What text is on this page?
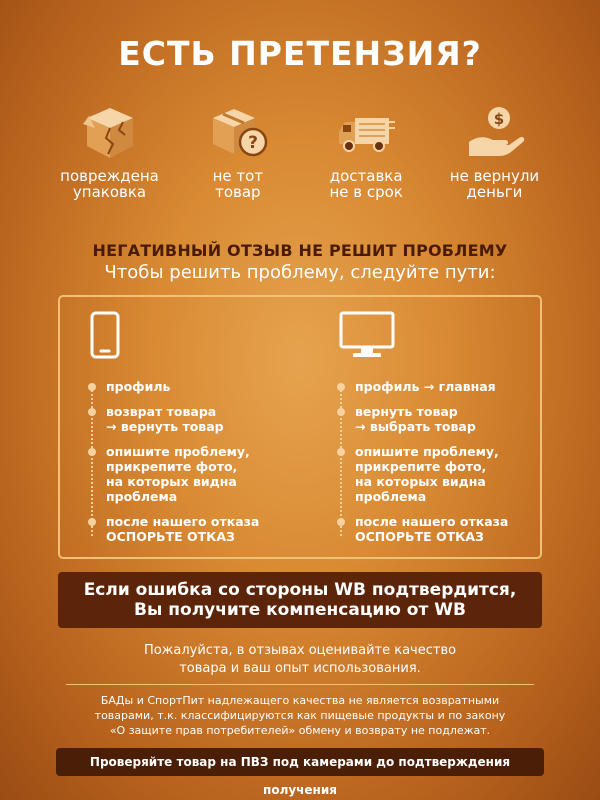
ЕСТЬ ПРЕТЕНЗИЯ?
повреждена
упаковка
?
не тот
товар
доставка
не в срок
$
не вернули
деньги
НЕГАТИВНЫЙ ОТЗЫВ НЕ РЕШИТ ПРОБЛЕМУ
Чтобы решить проблему, следуйте пути:
профиль
возврат товара
→ вернуть товар
опишите проблему,
прикрепите фото,
на которых видна
проблема
после нашего отказа
ОСПОРЬТЕ ОТКАЗ
профиль → главная
вернуть товар
→ выбрать товар
опишите проблему,
прикрепите фото,
на которых видна
проблема
после нашего отказа
ОСПОРЬТЕ ОТКАЗ
Если ошибка со стороны WB подтвердится,
Вы получите компенсацию от WB
Пожалуйста, в отзывах оценивайте качество
товара и ваш опыт использования.
БАДы и СпортПит надлежащего качества не является возвратными
товарами, т.к. классифицируются как пищевые продукты и по закону
«О защите прав потребителей» обмену и возврату не подлежат.
Проверяйте товар на ПВЗ под камерами до подтверждения получения
